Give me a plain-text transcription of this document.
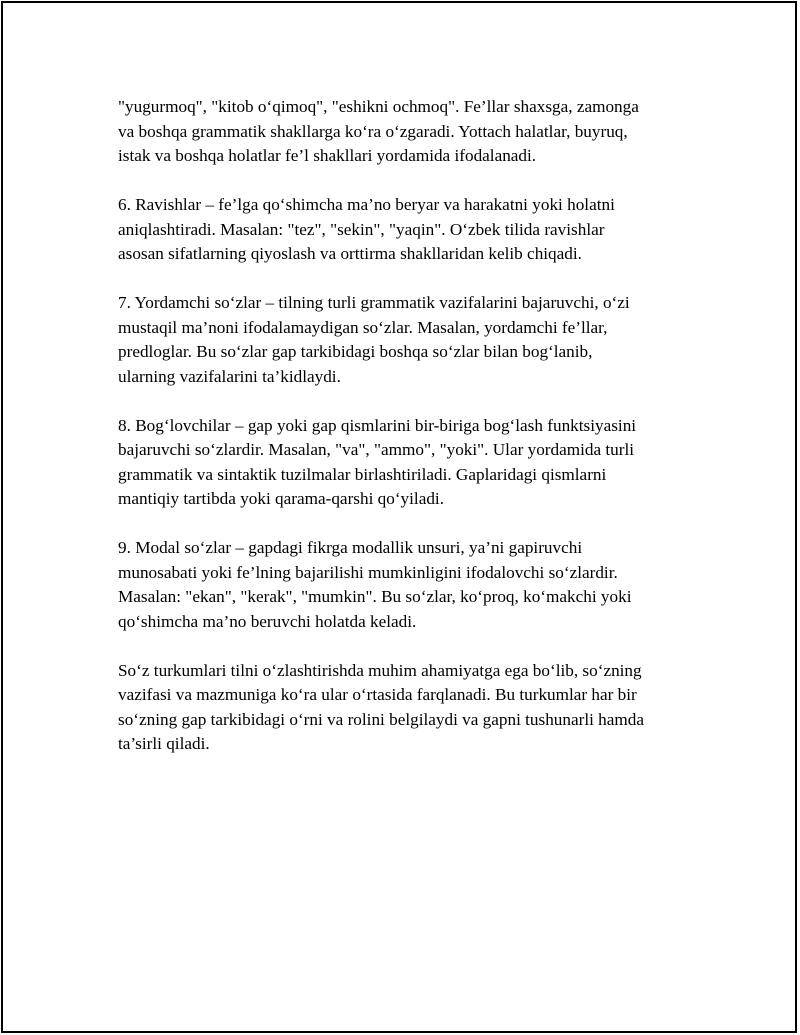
"yugurmoq", "kitob o‘qimoq", "eshikni ochmoq". Fe’llar shaxsga, zamonga
va boshqa grammatik shakllarga ko‘ra o‘zgaradi. Yottach halatlar, buyruq,
istak va boshqa holatlar fe’l shakllari yordamida ifodalanadi.

6. Ravishlar – fe’lga qo‘shimcha ma’no beryar va harakatni yoki holatni
aniqlashtiradi. Masalan: "tez", "sekin", "yaqin". O‘zbek tilida ravishlar
asosan sifatlarning qiyoslash va orttirma shakllaridan kelib chiqadi.

7. Yordamchi so‘zlar – tilning turli grammatik vazifalarini bajaruvchi, o‘zi
mustaqil ma’noni ifodalamaydigan so‘zlar. Masalan, yordamchi fe’llar,
predloglar. Bu so‘zlar gap tarkibidagi boshqa so‘zlar bilan bog‘lanib,
ularning vazifalarini ta’kidlaydi.

8. Bog‘lovchilar – gap yoki gap qismlarini bir-biriga bog‘lash funktsiyasini
bajaruvchi so‘zlardir. Masalan, "va", "ammo", "yoki". Ular yordamida turli
grammatik va sintaktik tuzilmalar birlashtiriladi. Gaplaridagi qismlarni
mantiqiy tartibda yoki qarama-qarshi qo‘yiladi.

9. Modal so‘zlar – gapdagi fikrga modallik unsuri, ya’ni gapiruvchi
munosabati yoki fe’lning bajarilishi mumkinligini ifodalovchi so‘zlardir.
Masalan: "ekan", "kerak", "mumkin". Bu so‘zlar, ko‘proq, ko‘makchi yoki
qo‘shimcha ma’no beruvchi holatda keladi.

So‘z turkumlari tilni o‘zlashtirishda muhim ahamiyatga ega bo‘lib, so‘zning
vazifasi va mazmuniga ko‘ra ular o‘rtasida farqlanadi. Bu turkumlar har bir
so‘zning gap tarkibidagi o‘rni va rolini belgilaydi va gapni tushunarli hamda
ta’sirli qiladi.
